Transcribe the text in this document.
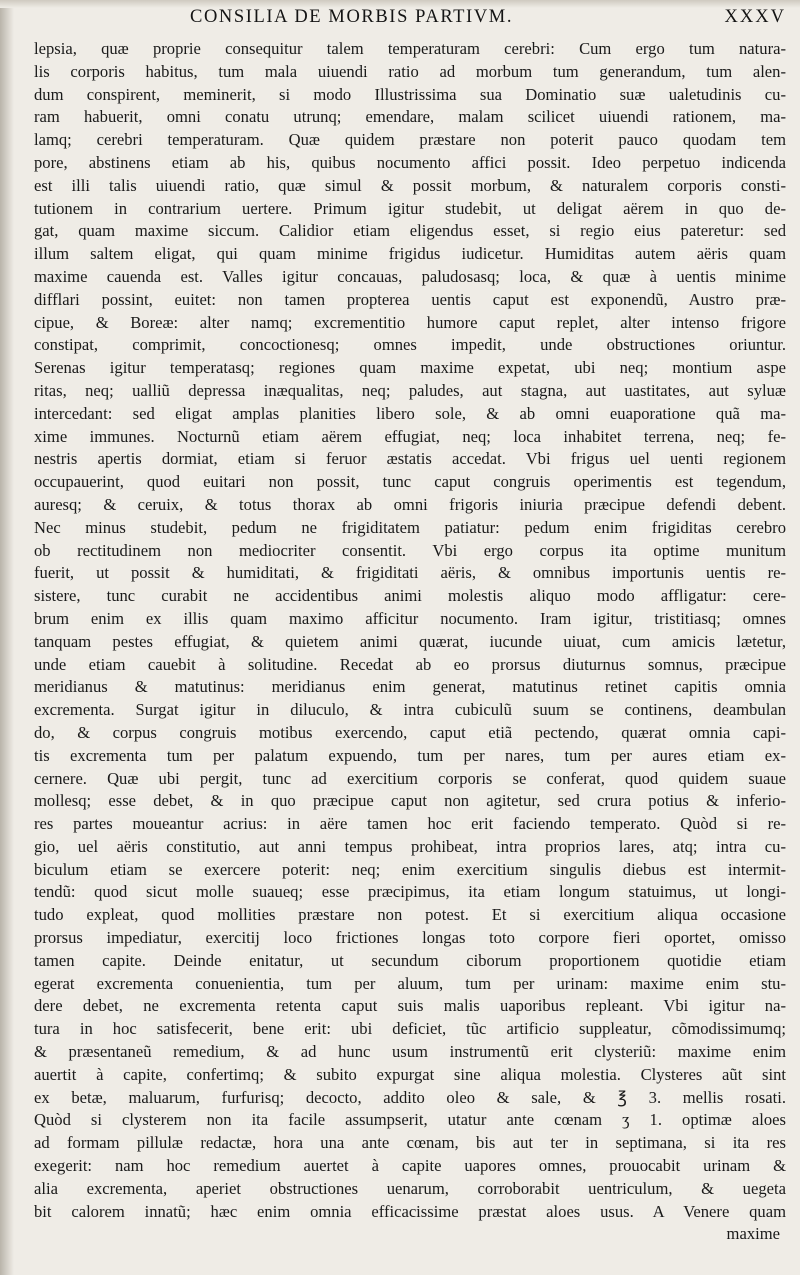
CONSILIA DE MORBIS PARTIVM.	XXXV
lepsia, quæ proprie consequitur talem temperaturam cerebri: Cum ergo tum natura-
lis corporis habitus, tum mala uiuendi ratio ad morbum tum generandum, tum alen-
dum conspirent, meminerit, si modo Illustrissima sua Dominatio suæ ualetudinis cu-
ram habuerit, omni conatu utrunq; emendare, malam scilicet uiuendi rationem, ma-
lamq; cerebri temperaturam. Quæ quidem præstare non poterit pauco quodam tem
pore, abstinens etiam ab his, quibus nocumento affici possit. Ideo perpetuo indicenda
est illi talis uiuendi ratio, quæ simul & possit morbum, & naturalem corporis consti-
tutionem in contrarium uertere. Primum igitur studebit, ut deligat aërem in quo de-
gat, quam maxime siccum. Calidior etiam eligendus esset, si regio eius pateretur: sed
illum saltem eligat, qui quam minime frigidus iudicetur. Humiditas autem aëris quam
maxime cauenda est. Valles igitur concauas, paludosasq; loca, & quæ à uentis minime
difflari possint, euitet: non tamen propterea uentis caput est exponendũ, Austro præ-
cipue, & Boreæ: alter namq; excrementitio humore caput replet, alter intenso frigore
constipat, comprimit, concoctionesq; omnes impedit, unde obstructiones oriuntur.
Serenas igitur temperatasq; regiones quam maxime expetat, ubi neq; montium aspe
ritas, neq; ualliũ depressa inæqualitas, neq; paludes, aut stagna, aut uastitates, aut syluæ
intercedant: sed eligat amplas planities libero sole, & ab omni euaporatione quã ma-
xime immunes. Nocturnũ etiam aërem effugiat, neq; loca inhabitet terrena, neq; fe-
nestris apertis dormiat, etiam si feruor æstatis accedat. Vbi frigus uel uenti regionem
occupauerint, quod euitari non possit, tunc caput congruis operimentis est tegendum,
auresq; & ceruix, & totus thorax ab omni frigoris iniuria præcipue defendi debent.
Nec minus studebit, pedum ne frigiditatem patiatur: pedum enim frigiditas cerebro
ob rectitudinem non mediocriter consentit. Vbi ergo corpus ita optime munitum
fuerit, ut possit & humiditati, & frigiditati aëris, & omnibus importunis uentis re-
sistere, tunc curabit ne accidentibus animi molestis aliquo modo affligatur: cere-
brum enim ex illis quam maximo afficitur nocumento. Iram igitur, tristitiasq; omnes
tanquam pestes effugiat, & quietem animi quærat, iucunde uiuat, cum amicis lætetur,
unde etiam cauebit à solitudine. Recedat ab eo prorsus diuturnus somnus, præcipue
meridianus & matutinus: meridianus enim generat, matutinus retinet capitis omnia
excrementa. Surgat igitur in diluculo, & intra cubiculũ suum se continens, deambulan
do, & corpus congruis motibus exercendo, caput etiã pectendo, quærat omnia capi-
tis excrementa tum per palatum expuendo, tum per nares, tum per aures etiam ex-
cernere. Quæ ubi pergit, tunc ad exercitium corporis se conferat, quod quidem suaue
mollesq; esse debet, & in quo præcipue caput non agitetur, sed crura potius & inferio-
res partes moueantur acrius: in aëre tamen hoc erit faciendo temperato. Quòd si re-
gio, uel aëris constitutio, aut anni tempus prohibeat, intra proprios lares, atq; intra cu-
biculum etiam se exercere poterit: neq; enim exercitium singulis diebus est intermit-
tendũ: quod sicut molle suaueq; esse præcipimus, ita etiam longum statuimus, ut longi-
tudo expleat, quod mollities præstare non potest. Et si exercitium aliqua occasione
prorsus impediatur, exercitij loco frictiones longas toto corpore fieri oportet, omisso
tamen capite. Deinde enitatur, ut secundum ciborum proportionem quotidie etiam
egerat excrementa conuenientia, tum per aluum, tum per urinam: maxime enim stu-
dere debet, ne excrementa retenta caput suis malis uaporibus repleant. Vbi igitur na-
tura in hoc satisfecerit, bene erit: ubi deficiet, tũc artificio suppleatur, cõmodissimumq;
& præsentaneũ remedium, & ad hunc usum instrumentũ erit clysteriũ: maxime enim
auertit à capite, confertimq; & subito expurgat sine aliqua molestia. Clysteres aũt sint
ex betæ, maluarum, furfurisq; decocto, addito oleo & sale, & ℥ 3. mellis rosati.
Quòd si clysterem non ita facile assumpserit, utatur ante cœnam ʒ 1. optimæ aloes
ad formam pillulæ redactæ, hora una ante cœnam, bis aut ter in septimana, si ita res
exegerit: nam hoc remedium auertet à capite uapores omnes, prouocabit urinam &
alia excrementa, aperiet obstructiones uenarum, corroborabit uentriculum, & uegeta
bit calorem innatũ; hæc enim omnia efficacissime præstat aloes usus. A Venere quam
maxime
